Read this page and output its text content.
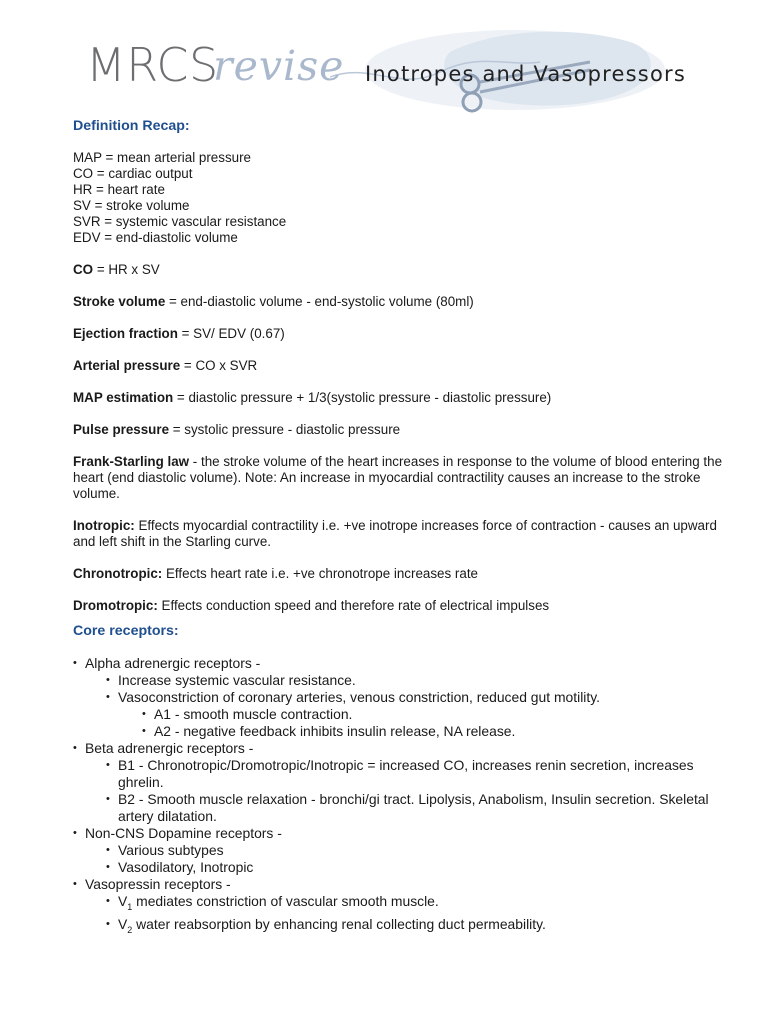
MRCS
revise Inotropes and Vasopressors

Definition Recap:

MAP = mean arterial pressure

CO = cardiac output

HR = heart rate

SV = stroke volume

SVR = systemic vascular resistance

EDV = end-diastolic volume

CO = HR x SV

Stroke volume = end-diastolic volume - end-systolic volume (80ml)

Ejection fraction = SV/ EDV (0.67)

Arterial pressure = CO x SVR

MAP estimation = diastolic pressure + 1/3(systolic pressure - diastolic pressure)

Pulse pressure = systolic pressure - diastolic pressure

Frank-Starling law - the stroke volume of the heart increases in response to the volume of blood entering the heart (end diastolic volume). Note: An increase in myocardial contractility causes an increase to the stroke volume.

Inotropic: Effects myocardial contractility i.e. +ve inotrope increases force of contraction - causes an upward and left shift in the Starling curve.

Chronotropic: Effects heart rate i.e. +ve chronotrope increases rate

Dromotropic: Effects conduction speed and therefore rate of electrical impulses

Core receptors:

• Alpha adrenergic receptors -
• Increase systemic vascular resistance.
• Vasoconstriction of coronary arteries, venous constriction, reduced gut motility.
• A1 - smooth muscle contraction.
• A2 - negative feedback inhibits insulin release, NA release.
• Beta adrenergic receptors -
• B1 - Chronotropic/Dromotropic/Inotropic = increased CO, increases renin secretion, increases ghrelin.
• B2 - Smooth muscle relaxation - bronchi/gi tract. Lipolysis, Anabolism, Insulin secretion. Skeletal artery dilatation.
• Non-CNS Dopamine receptors -
• Various subtypes
• Vasodilatory, Inotropic
• Vasopressin receptors -
• $V_1$ mediates constriction of vascular smooth muscle.
• $V_2$ water reabsorption by enhancing renal collecting duct permeability.
